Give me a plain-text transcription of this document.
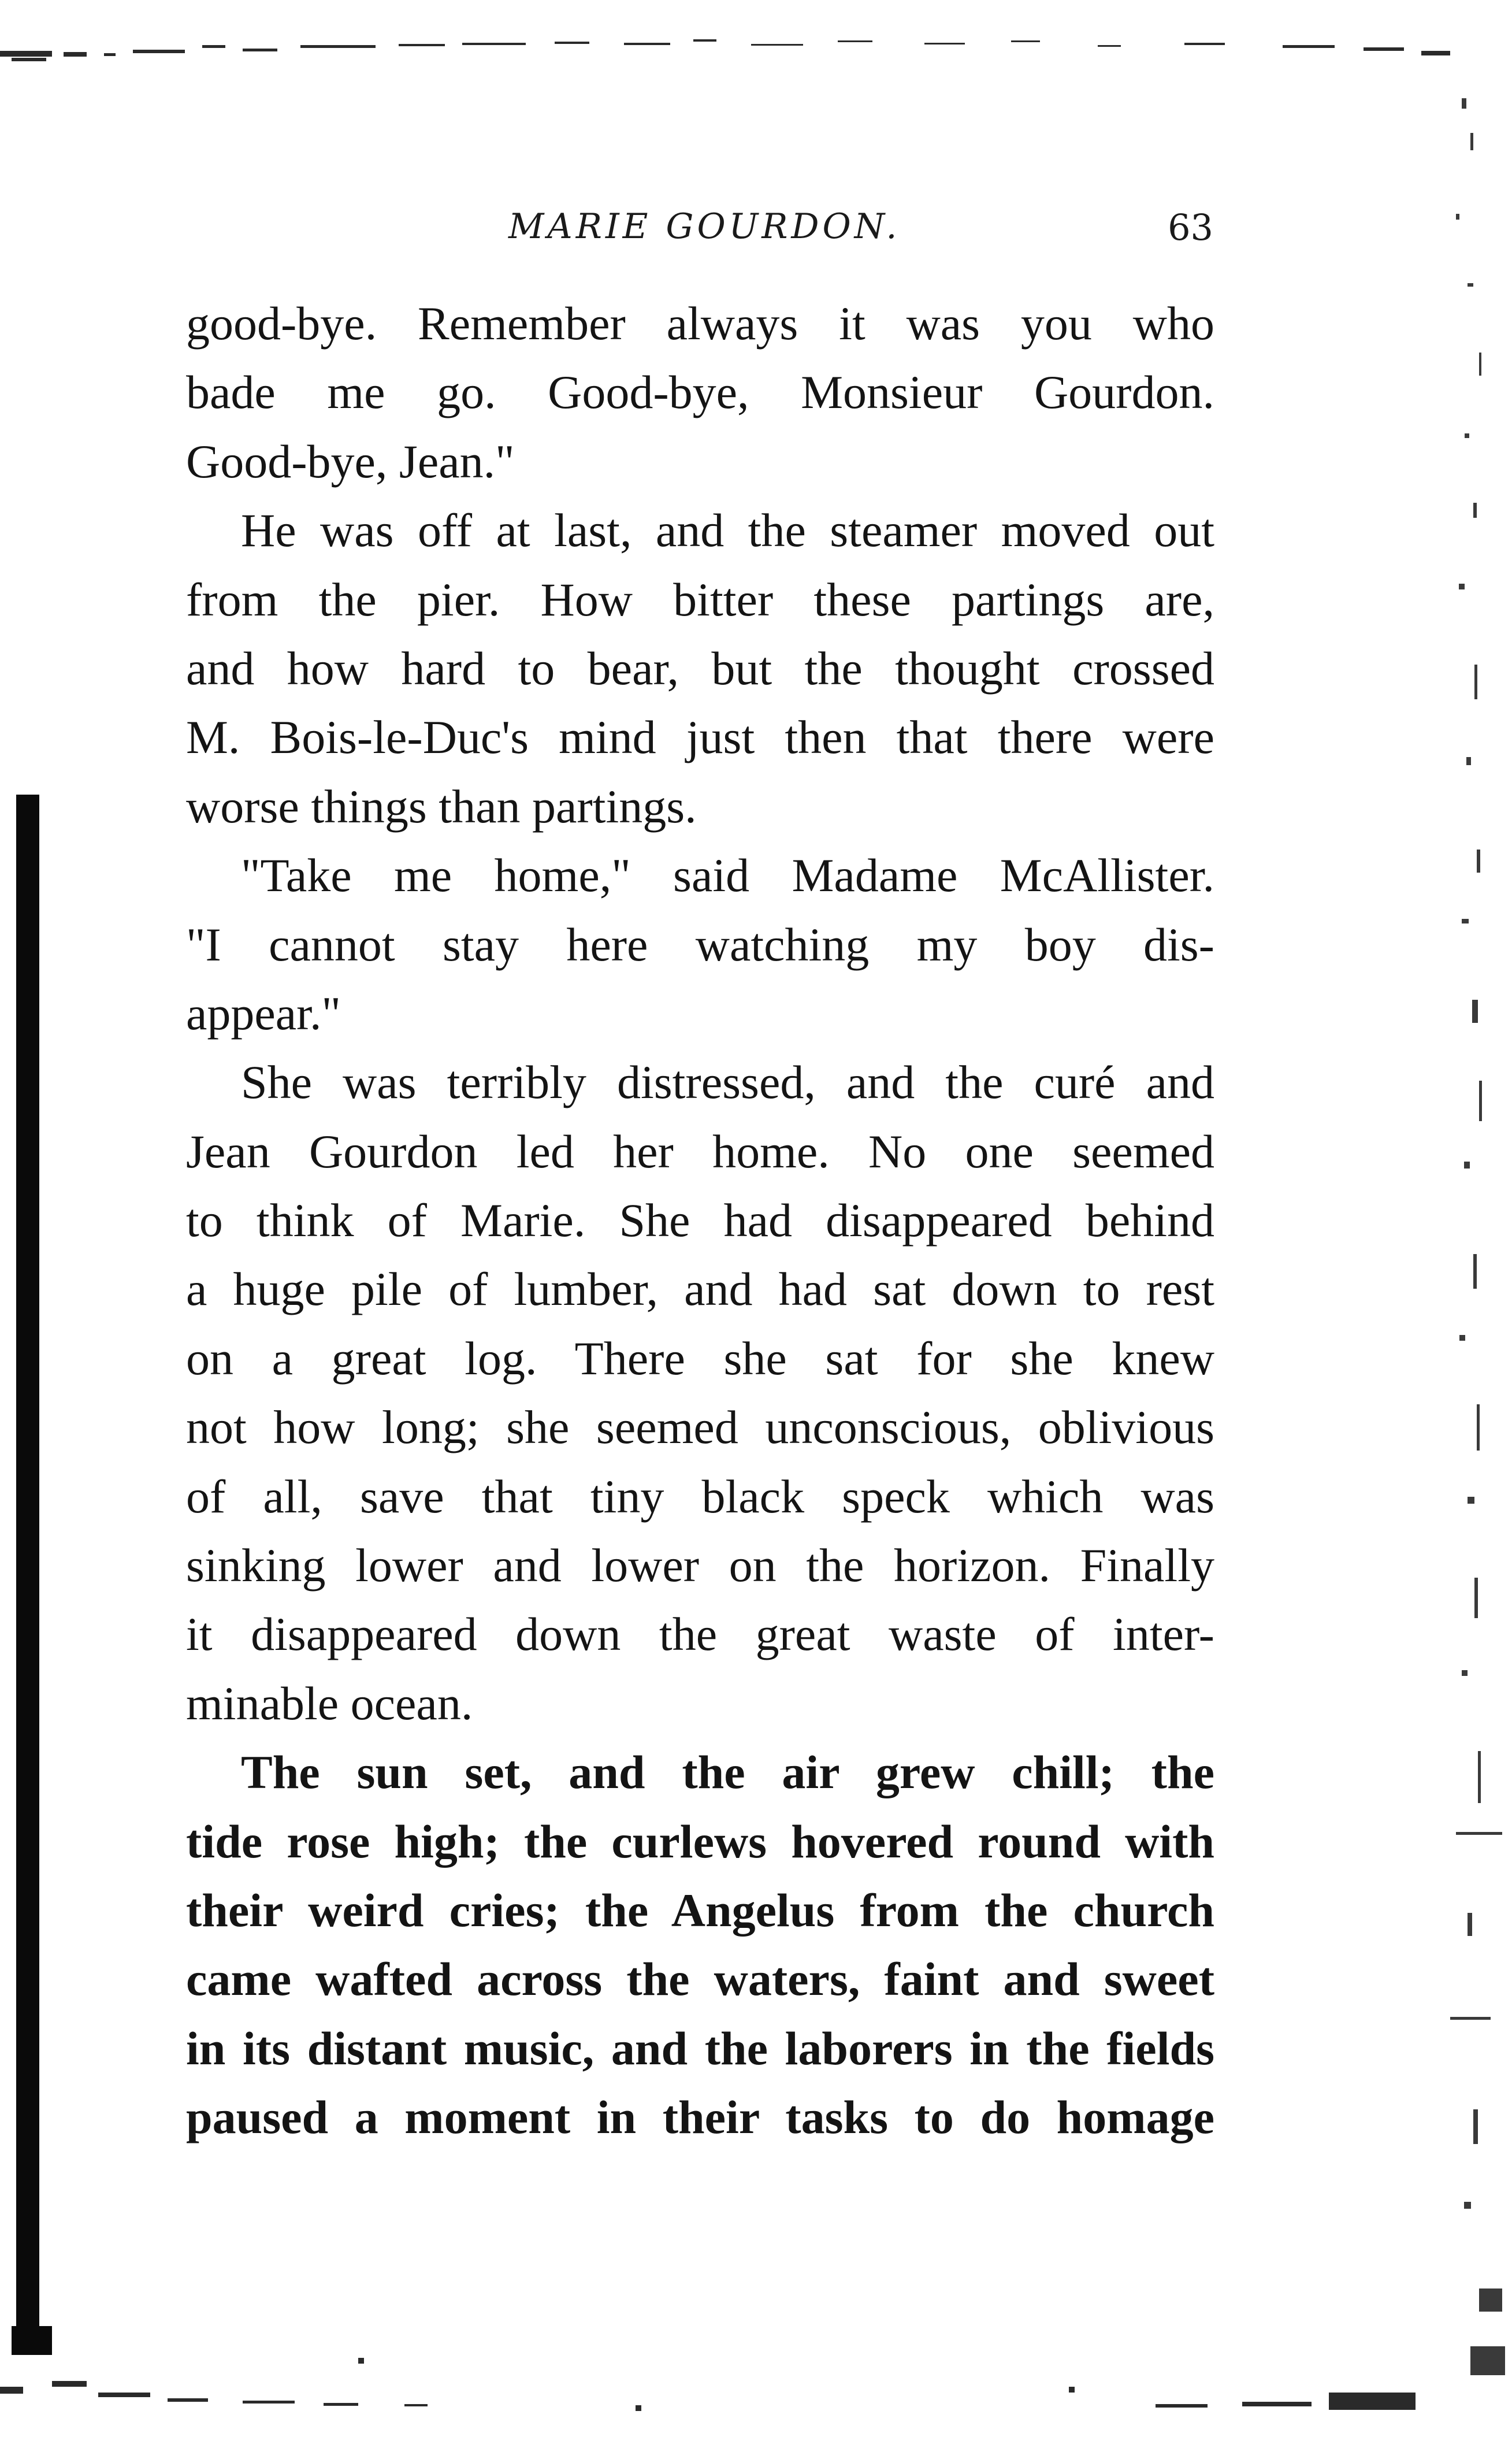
MARIE GOURDON.	63
good-bye. Remember always it was you who
bade me go. Good-bye, Monsieur Gourdon.
Good-bye, Jean."
He was off at last, and the steamer moved out
from the pier. How bitter these partings are,
and how hard to bear, but the thought crossed
M. Bois-le-Duc's mind just then that there were
worse things than partings.
"Take me home," said Madame McAllister.
"I cannot stay here watching my boy dis-
appear."
She was terribly distressed, and the curé and
Jean Gourdon led her home. No one seemed
to think of Marie. She had disappeared behind
a huge pile of lumber, and had sat down to rest
on a great log. There she sat for she knew
not how long; she seemed unconscious, oblivious
of all, save that tiny black speck which was
sinking lower and lower on the horizon. Finally
it disappeared down the great waste of inter-
minable ocean.
The sun set, and the air grew chill; the
tide rose high; the curlews hovered round with
their weird cries; the Angelus from the church
came wafted across the waters, faint and sweet
in its distant music, and the laborers in the fields
paused a moment in their tasks to do homage
